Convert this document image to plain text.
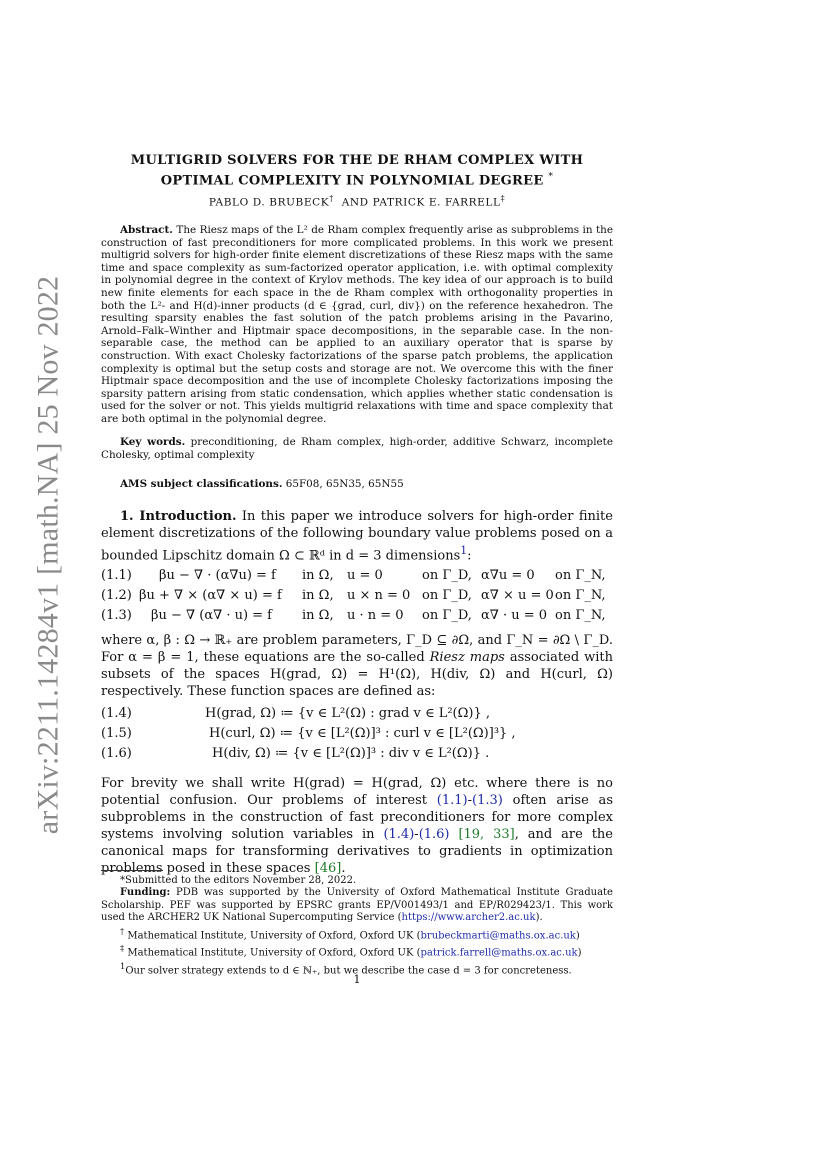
arXiv:2211.14284v1 [math.NA] 25 Nov 2022
MULTIGRID SOLVERS FOR THE DE RHAM COMPLEX WITH
OPTIMAL COMPLEXITY IN POLYNOMIAL DEGREE *
PABLO D. BRUBECK† AND PATRICK E. FARRELL‡
Abstract. The Riesz maps of the L² de Rham complex frequently arise as subproblems in the construction of fast preconditioners for more complicated problems. In this work we present multigrid solvers for high-order finite element discretizations of these Riesz maps with the same time and space complexity as sum-factorized operator application, i.e. with optimal complexity in polynomial degree in the context of Krylov methods. The key idea of our approach is to build new finite elements for each space in the de Rham complex with orthogonality properties in both the L²- and H(d)-inner products (d ∈ {grad, curl, div}) on the reference hexahedron. The resulting sparsity enables the fast solution of the patch problems arising in the Pavarino, Arnold–Falk–Winther and Hiptmair space decompositions, in the separable case. In the non-separable case, the method can be applied to an auxiliary operator that is sparse by construction. With exact Cholesky factorizations of the sparse patch problems, the application complexity is optimal but the setup costs and storage are not. We overcome this with the finer Hiptmair space decomposition and the use of incomplete Cholesky factorizations imposing the sparsity pattern arising from static condensation, which applies whether static condensation is used for the solver or not. This yields multigrid relaxations with time and space complexity that are both optimal in the polynomial degree.
Key words. preconditioning, de Rham complex, high-order, additive Schwarz, incomplete Cholesky, optimal complexity
AMS subject classifications. 65F08, 65N35, 65N55
1. Introduction. In this paper we introduce solvers for high-order finite element discretizations of the following boundary value problems posed on a bounded Lipschitz domain Ω ⊂ ℝᵈ in d = 3 dimensions$^1$:
(1.1) βu − ∇ · (α∇u) = f in Ω, u = 0	on Γ_D, α∇u = 0 on Γ_N,
(1.2) βu + ∇ × (α∇ × u) = f in Ω, u × n = 0 on Γ_D, α∇ × u = 0 on Γ_N,
(1.3) βu − ∇ (α∇ · u) = f in Ω, u · n = 0 on Γ_D, α∇ · u = 0 on Γ_N,
where α, β : Ω → ℝ₊ are problem parameters, Γ_D ⊆ ∂Ω, and Γ_N = ∂Ω \ Γ_D. For α = β = 1, these equations are the so-called Riesz maps associated with subsets of the spaces H(grad, Ω) = H¹(Ω), H(div, Ω) and H(curl, Ω) respectively. These function spaces are defined as:
(1.4)	H(grad, Ω) ≔ {v ∈ L²(Ω) : grad v ∈ L²(Ω)} ,
(1.5)	H(curl, Ω) ≔ {v ∈ [L²(Ω)]³ : curl v ∈ [L²(Ω)]³} ,
(1.6)	H(div, Ω) ≔ {v ∈ [L²(Ω)]³ : div v ∈ L²(Ω)} .
For brevity we shall write H(grad) = H(grad, Ω) etc. where there is no potential confusion. Our problems of interest (1.1)-(1.3) often arise as subproblems in the construction of fast preconditioners for more complex systems involving solution variables in (1.4)-(1.6) [19, 33], and are the canonical maps for transforming derivatives to gradients in optimization problems posed in these spaces [46].

*Submitted to the editors November 28, 2022.

Funding: PDB was supported by the University of Oxford Mathematical Institute Graduate Scholarship. PEF was supported by EPSRC grants EP/V001493/1 and EP/R029423/1. This work used the ARCHER2 UK National Supercomputing Service (https://www.archer2.ac.uk).

† Mathematical Institute, University of Oxford, Oxford UK (brubeckmarti@maths.ox.ac.uk)

‡ Mathematical Institute, University of Oxford, Oxford UK (patrick.farrell@maths.ox.ac.uk)

$^1$Our solver strategy extends to d ∈ ℕ₊, but we describe the case d = 3 for concreteness.

1
